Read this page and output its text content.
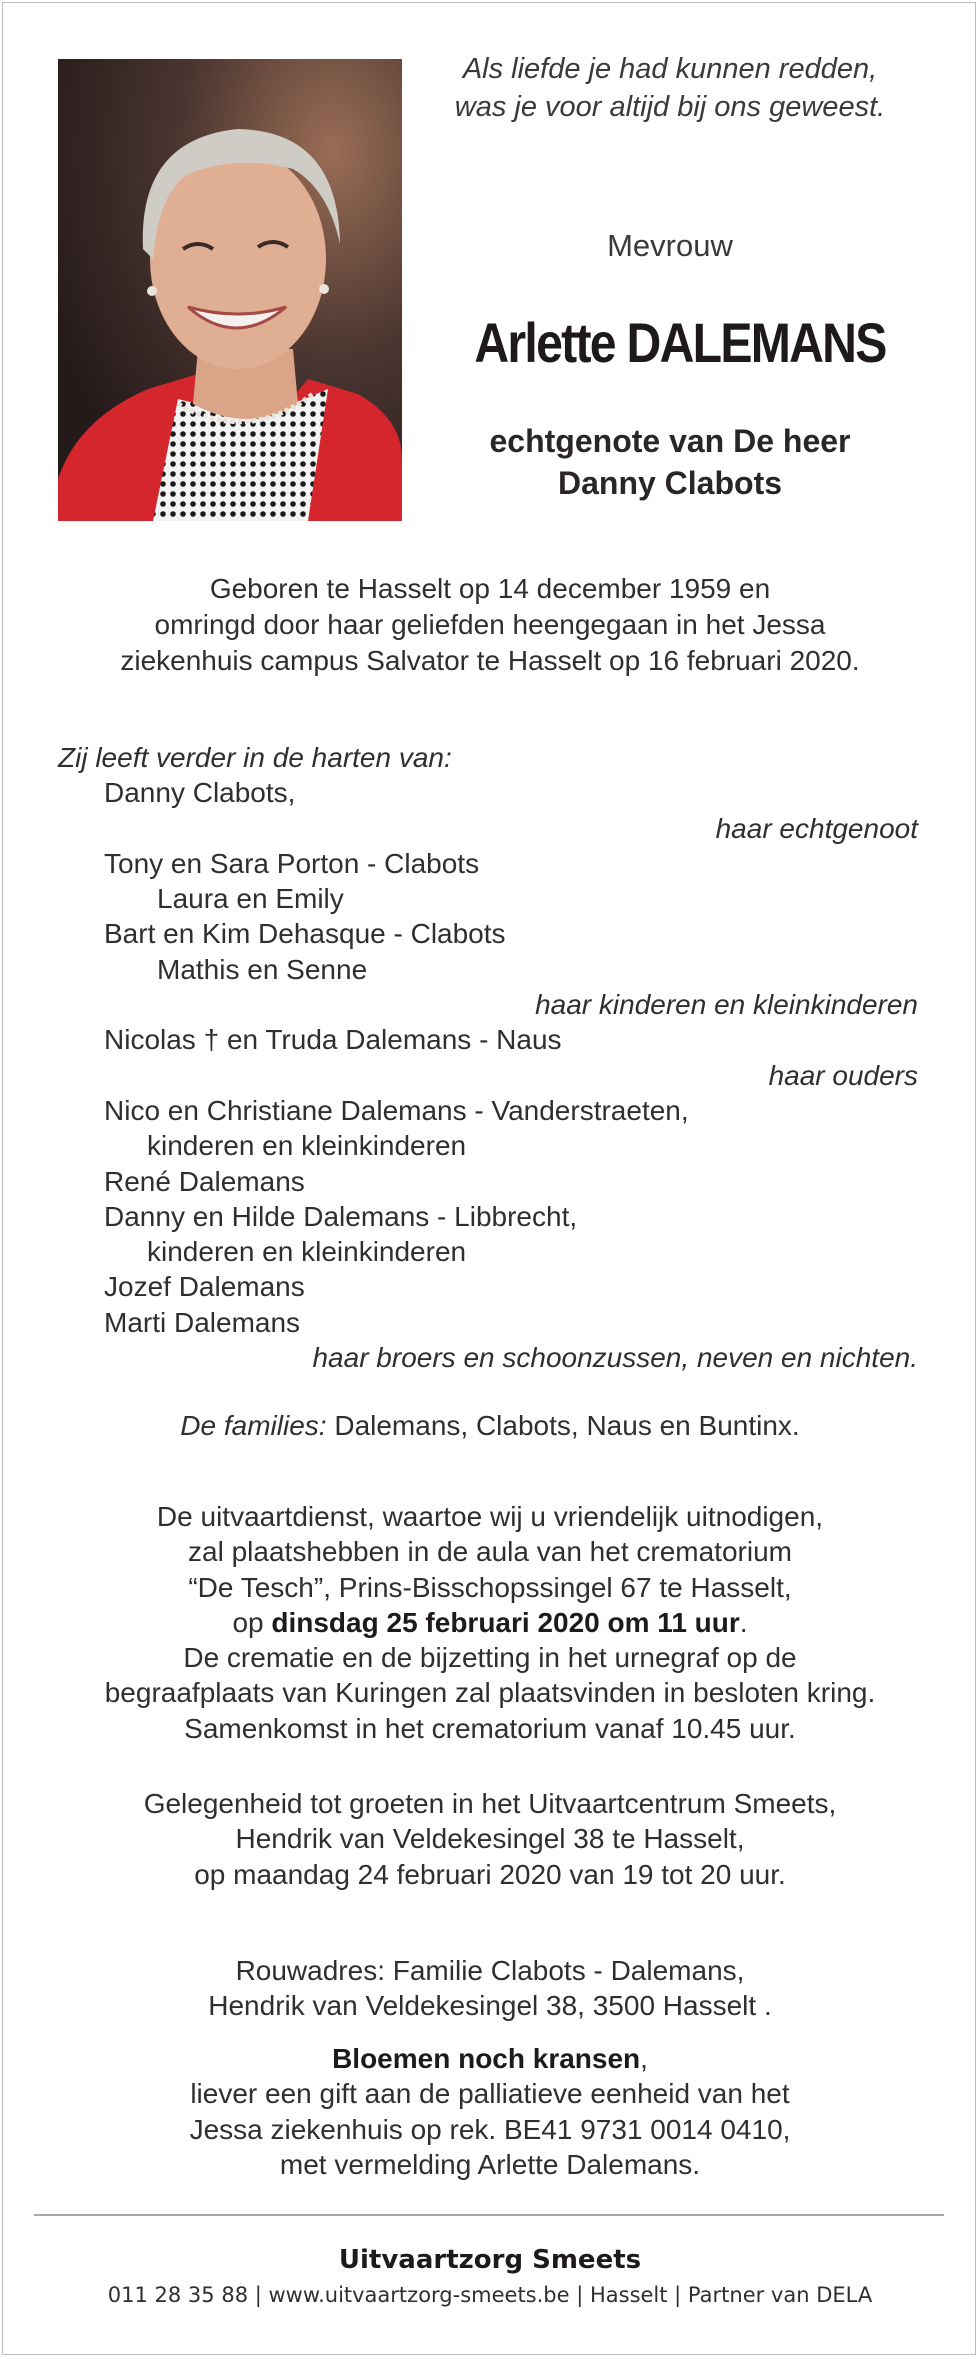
Als liefde je had kunnen redden,
was je voor altijd bij ons geweest.
Mevrouw
Arlette DALEMANS
echtgenote van De heer
Danny Clabots
Geboren te Hasselt op 14 december 1959 en
omringd door haar geliefden heengegaan in het Jessa
ziekenhuis campus Salvator te Hasselt op 16 februari 2020.
Zij leeft verder in de harten van:
Danny Clabots,
haar echtgenoot
Tony en Sara Porton - Clabots
Laura en Emily
Bart en Kim Dehasque - Clabots
Mathis en Senne
haar kinderen en kleinkinderen
Nicolas † en Truda Dalemans - Naus
haar ouders
Nico en Christiane Dalemans - Vanderstraeten,
kinderen en kleinkinderen
René Dalemans
Danny en Hilde Dalemans - Libbrecht,
kinderen en kleinkinderen
Jozef Dalemans
Marti Dalemans
haar broers en schoonzussen, neven en nichten.
De families: Dalemans, Clabots, Naus en Buntinx.
De uitvaartdienst, waartoe wij u vriendelijk uitnodigen,
zal plaatshebben in de aula van het crematorium
“De Tesch”, Prins-Bisschopssingel 67 te Hasselt,
op dinsdag 25 februari 2020 om 11 uur.
De crematie en de bijzetting in het urnegraf op de
begraafplaats van Kuringen zal plaatsvinden in besloten kring.
Samenkomst in het crematorium vanaf 10.45 uur.
Gelegenheid tot groeten in het Uitvaartcentrum Smeets,
Hendrik van Veldekesingel 38 te Hasselt,
op maandag 24 februari 2020 van 19 tot 20 uur.
Rouwadres: Familie Clabots - Dalemans,
Hendrik van Veldekesingel 38, 3500 Hasselt .
Bloemen noch kransen,
liever een gift aan de palliatieve eenheid van het
Jessa ziekenhuis op rek. BE41 9731 0014 0410,
met vermelding Arlette Dalemans.
Uitvaartzorg Smeets
011 28 35 88 | www.uitvaartzorg-smeets.be | Hasselt | Partner van DELA
